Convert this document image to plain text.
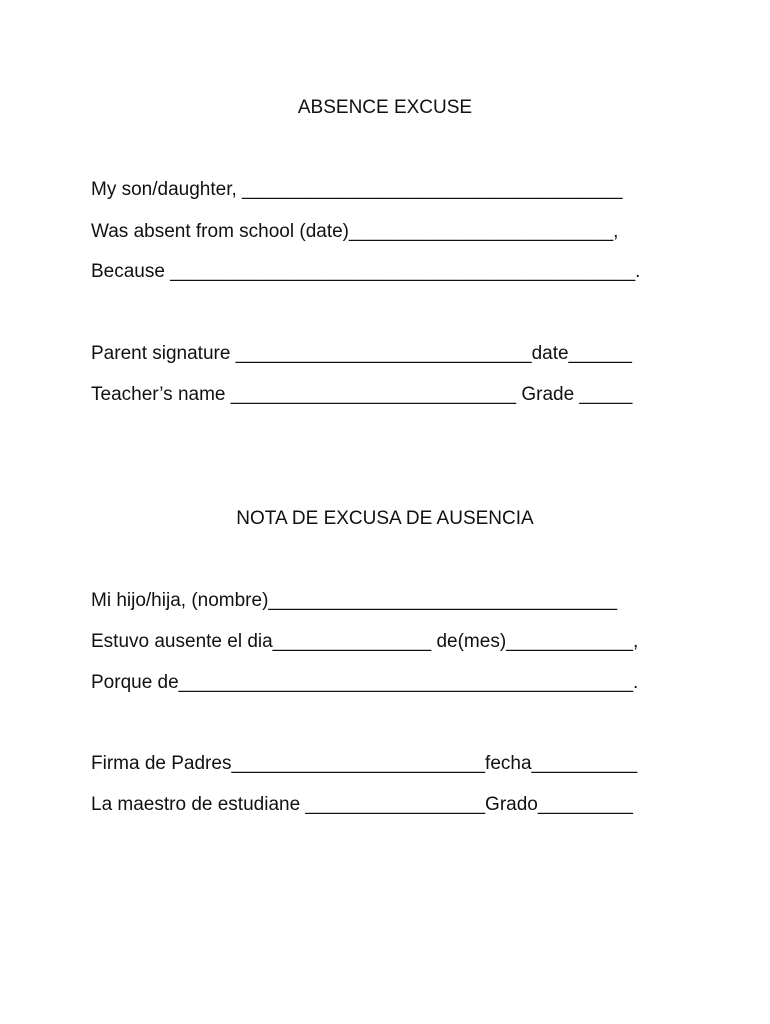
ABSENCE EXCUSE
My son/daughter, ____________________________________
Was absent from school (date)_________________________,
Because ____________________________________________.
Parent signature ____________________________date______
Teacher’s name ___________________________ Grade _____
NOTA DE EXCUSA DE AUSENCIA
Mi hijo/hija, (nombre)_________________________________
Estuvo ausente el dia_______________ de(mes)____________,
Porque de___________________________________________.
Firma de Padres________________________fecha__________
La maestro de estudiane _________________Grado_________
